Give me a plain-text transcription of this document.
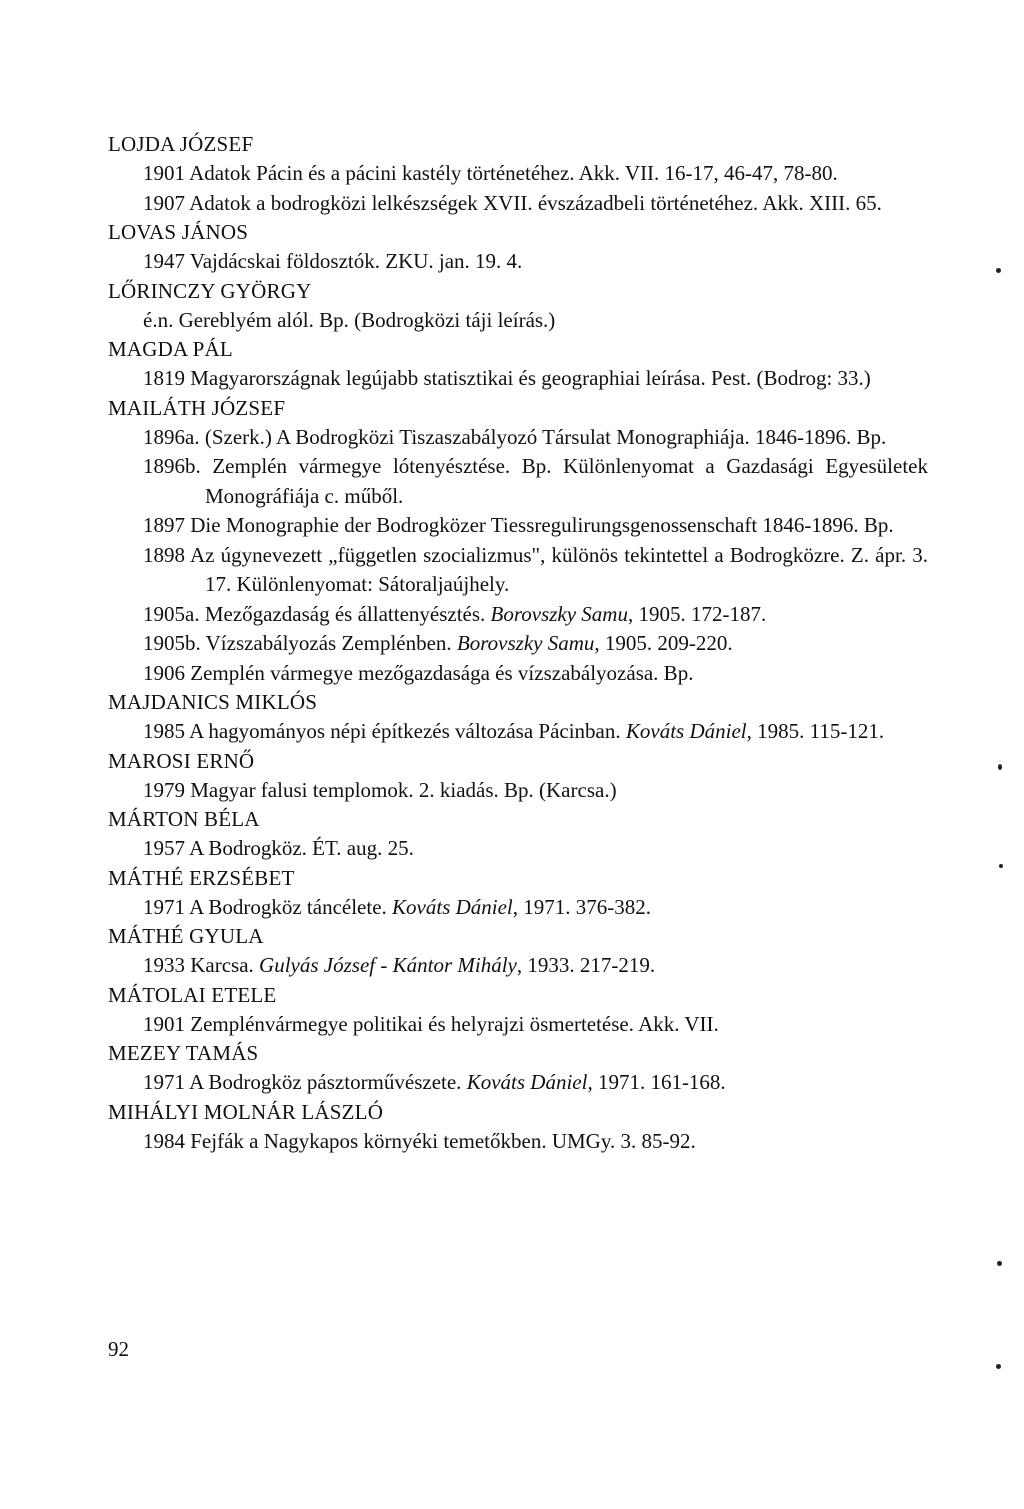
LOJDA JÓZSEF

1901 Adatok Pácin és a pácini kastély történetéhez. Akk. VII. 16-17, 46-47, 78-80.

1907 Adatok a bodrogközi lelkészségek XVII. évszázadbeli történetéhez. Akk. XIII. 65.

LOVAS JÁNOS

1947 Vajdácskai földosztók. ZKU. jan. 19. 4.

LŐRINCZY GYÖRGY

é.n. Gereblyém alól. Bp. (Bodrogközi táji leírás.)

MAGDA PÁL

1819 Magyarországnak legújabb statisztikai és geographiai leírása. Pest. (Bodrog: 33.)

MAILÁTH JÓZSEF

1896a. (Szerk.) A Bodrogközi Tiszaszabályozó Társulat Monographiája. 1846-1896. Bp.

1896b. Zemplén vármegye lótenyésztése. Bp. Különlenyomat a Gazdasági Egyesületek Monográfiája c. műből.

1897 Die Monographie der Bodrogközer Tiessregulirungsgenossenschaft 1846-1896. Bp.

1898 Az úgynevezett „független szocializmus", különös tekintettel a Bodrogközre. Z. ápr. 3. 17. Különlenyomat: Sátoraljaújhely.

1905a. Mezőgazdaság és állattenyésztés. Borovszky Samu, 1905. 172-187.

1905b. Vízszabályozás Zemplénben. Borovszky Samu, 1905. 209-220.

1906 Zemplén vármegye mezőgazdasága és vízszabályozása. Bp.

MAJDANICS MIKLÓS

1985 A hagyományos népi építkezés változása Pácinban. Kováts Dániel, 1985. 115-121.

MAROSI ERNŐ

1979 Magyar falusi templomok. 2. kiadás. Bp. (Karcsa.)

MÁRTON BÉLA

1957 A Bodrogköz. ÉT. aug. 25.

MÁTHÉ ERZSÉBET

1971 A Bodrogköz táncélete. Kováts Dániel, 1971. 376-382.

MÁTHÉ GYULA

1933 Karcsa. Gulyás József - Kántor Mihály, 1933. 217-219.

MÁTOLAI ETELE

1901 Zemplénvármegye politikai és helyrajzi ösmertetése. Akk. VII.

MEZEY TAMÁS

1971 A Bodrogköz pásztorművészete. Kováts Dániel, 1971. 161-168.

MIHÁLYI MOLNÁR LÁSZLÓ

1984 Fejfák a Nagykapos környéki temetőkben. UMGy. 3. 85-92.

92
